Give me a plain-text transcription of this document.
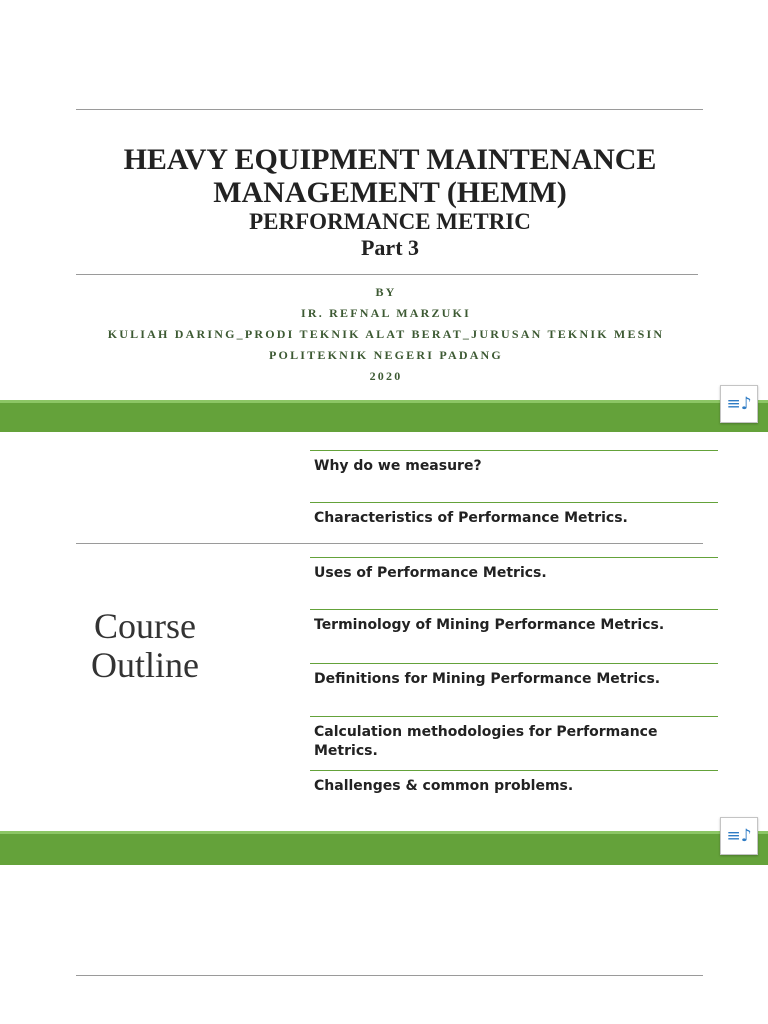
HEAVY EQUIPMENT MAINTENANCE

MANAGEMENT (HEMM)

PERFORMANCE METRIC

Part 3

BY
IR. REFNAL MARZUKI
KULIAH DARING_PRODI TEKNIK ALAT BERAT_JURUSAN TEKNIK MESIN
POLITEKNIK NEGERI PADANG
2020
≡♪
Course
Outline
Why do we measure?
Characteristics of Performance Metrics.
Uses of Performance Metrics.
Terminology of Mining Performance Metrics.
Definitions for Mining Performance Metrics.
Calculation methodologies for Performance Metrics.
Challenges & common problems.
≡♪
